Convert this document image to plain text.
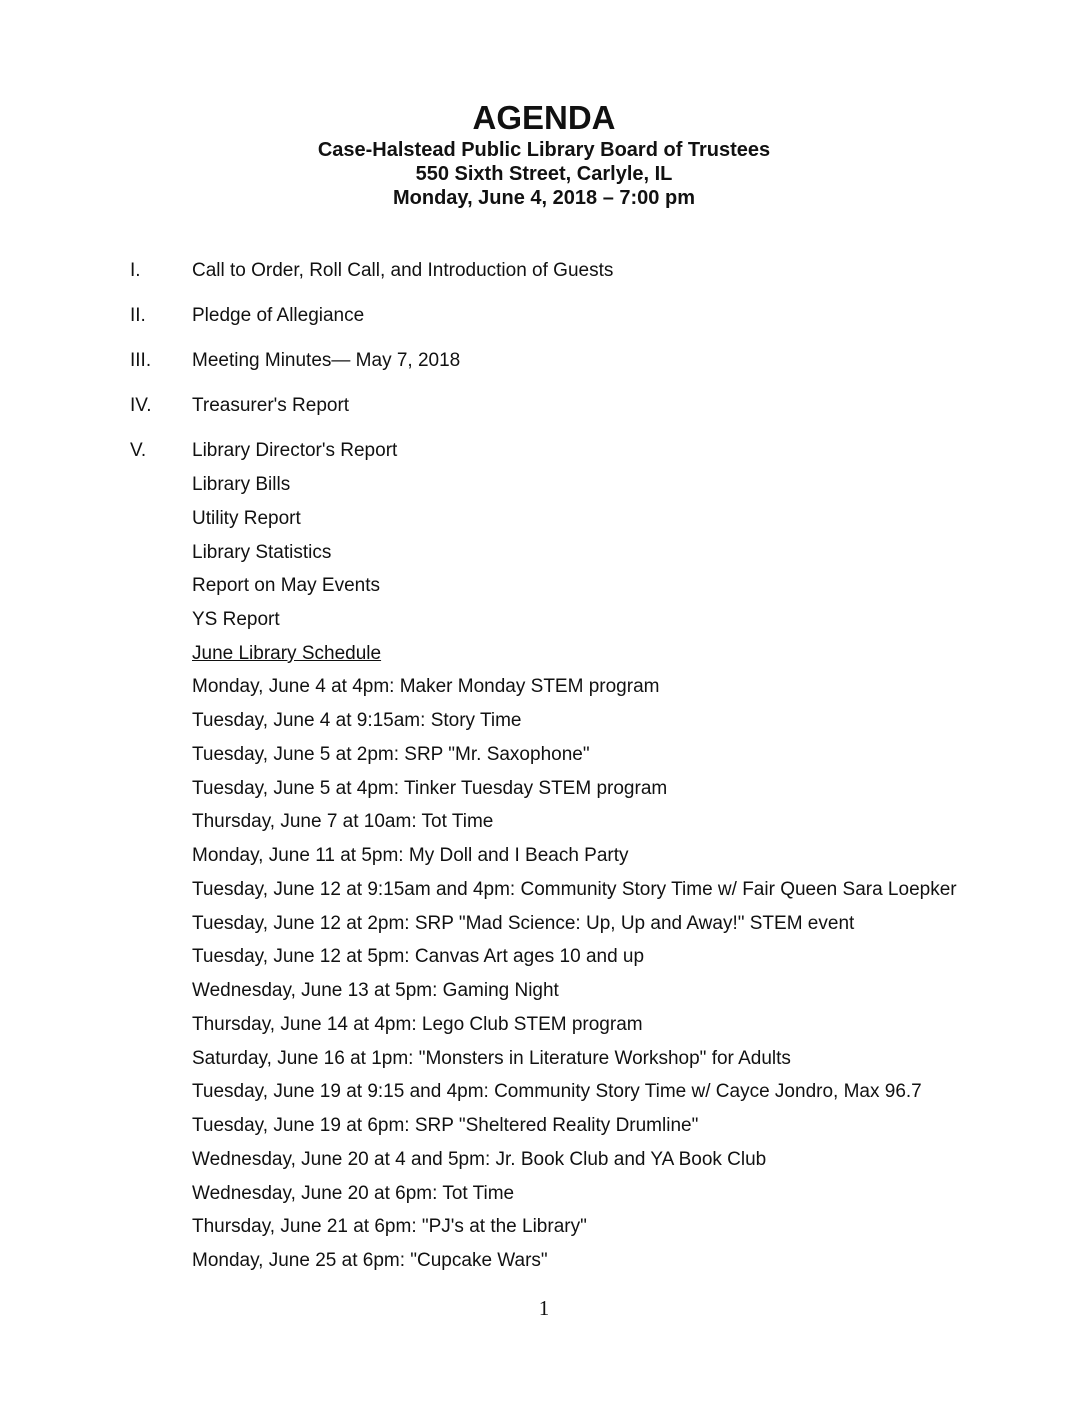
AGENDA

Case-Halstead Public Library Board of Trustees

550 Sixth Street, Carlyle, IL

Monday, June 4, 2018 – 7:00 pm

I.	Call to Order, Roll Call, and Introduction of Guests
II. Pledge of Allegiance
III. Meeting Minutes— May 7, 2018
IV. Treasurer's Report
V. Library Director's Report
Library Bills
Utility Report
Library Statistics
Report on May Events
YS Report
June Library Schedule
Monday, June 4 at 4pm: Maker Monday STEM program
Tuesday, June 4 at 9:15am: Story Time
Tuesday, June 5 at 2pm: SRP "Mr. Saxophone"
Tuesday, June 5 at 4pm: Tinker Tuesday STEM program
Thursday, June 7 at 10am: Tot Time
Monday, June 11 at 5pm: My Doll and I Beach Party
Tuesday, June 12 at 9:15am and 4pm: Community Story Time w/ Fair Queen Sara Loepker
Tuesday, June 12 at 2pm: SRP "Mad Science: Up, Up and Away!" STEM event
Tuesday, June 12 at 5pm: Canvas Art ages 10 and up
Wednesday, June 13 at 5pm: Gaming Night
Thursday, June 14 at 4pm: Lego Club STEM program
Saturday, June 16 at 1pm: "Monsters in Literature Workshop" for Adults
Tuesday, June 19 at 9:15 and 4pm: Community Story Time w/ Cayce Jondro, Max 96.7
Tuesday, June 19 at 6pm: SRP "Sheltered Reality Drumline"
Wednesday, June 20 at 4 and 5pm: Jr. Book Club and YA Book Club
Wednesday, June 20 at 6pm: Tot Time
Thursday, June 21 at 6pm: "PJ's at the Library"
Monday, June 25 at 6pm: "Cupcake Wars"
1
